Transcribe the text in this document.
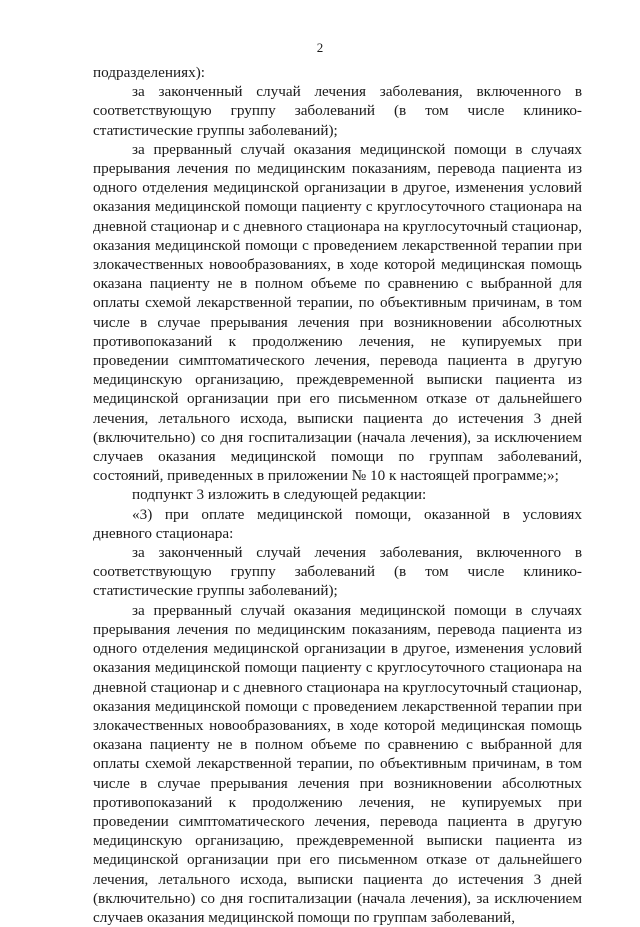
2

подразделениях):

за законченный случай лечения заболевания, включенного в соответствующую группу заболеваний (в том числе клинико-статистические группы заболеваний);

за прерванный случай оказания медицинской помощи в случаях прерывания лечения по медицинским показаниям, перевода пациента из одного отделения медицинской организации в другое, изменения условий оказания медицинской помощи пациенту с круглосуточного стационара на дневной стационар и с дневного стационара на круглосуточный стационар, оказания медицинской помощи с проведением лекарственной терапии при злокачественных новообразованиях, в ходе которой медицинская помощь оказана пациенту не в полном объеме по сравнению с выбранной для оплаты схемой лекарственной терапии, по объективным причинам, в том числе в случае прерывания лечения при возникновении абсолютных противопоказаний к продолжению лечения, не купируемых при проведении симптоматического лечения, перевода пациента в другую медицинскую организацию, преждевременной выписки пациента из медицинской организации при его письменном отказе от дальнейшего лечения, летального исхода, выписки пациента до истечения 3 дней (включительно) со дня госпитализации (начала лечения), за исключением случаев оказания медицинской помощи по группам заболеваний, состояний, приведенных в приложении № 10 к настоящей программе;»;

подпункт 3 изложить в следующей редакции:

«3) при оплате медицинской помощи, оказанной в условиях дневного стационара:

за законченный случай лечения заболевания, включенного в соответствующую группу заболеваний (в том числе клинико-статистические группы заболеваний);

за прерванный случай оказания медицинской помощи в случаях прерывания лечения по медицинским показаниям, перевода пациента из одного отделения медицинской организации в другое, изменения условий оказания медицинской помощи пациенту с круглосуточного стационара на дневной стационар и с дневного стационара на круглосуточный стационар, оказания медицинской помощи с проведением лекарственной терапии при злокачественных новообразованиях, в ходе которой медицинская помощь оказана пациенту не в полном объеме по сравнению с выбранной для оплаты схемой лекарственной терапии, по объективным причинам, в том числе в случае прерывания лечения при возникновении абсолютных противопоказаний к продолжению лечения, не купируемых при проведении симптоматического лечения, перевода пациента в другую медицинскую организацию, преждевременной выписки пациента из медицинской организации при его письменном отказе от дальнейшего лечения, летального исхода, выписки пациента до истечения 3 дней (включительно) со дня госпитализации (начала лечения), за исключением случаев оказания медицинской помощи по группам заболеваний,
